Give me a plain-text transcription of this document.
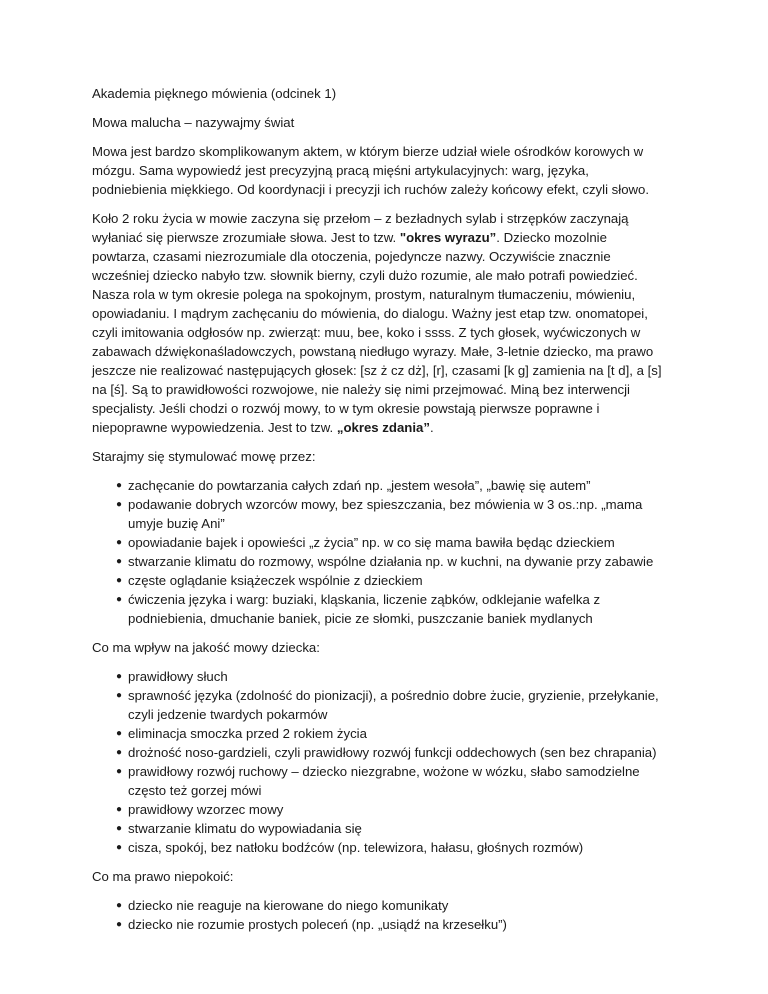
Akademia pięknego mówienia (odcinek 1)

Mowa malucha – nazywajmy świat

Mowa jest bardzo skomplikowanym aktem, w którym bierze udział wiele ośrodków korowych w mózgu. Sama wypowiedź jest precyzyjną pracą mięśni artykulacyjnych: warg, języka, podniebienia miękkiego. Od koordynacji i precyzji ich ruchów zależy końcowy efekt, czyli słowo.

Koło 2 roku życia w mowie zaczyna się przełom – z bezładnych sylab i strzępków zaczynają wyłaniać się pierwsze zrozumiałe słowa. Jest to tzw. "okres wyrazu”. Dziecko mozolnie powtarza, czasami niezrozumiale dla otoczenia, pojedyncze nazwy. Oczywiście znacznie wcześniej dziecko nabyło tzw. słownik bierny, czyli dużo rozumie, ale mało potrafi powiedzieć. Nasza rola w tym okresie polega na spokojnym, prostym, naturalnym tłumaczeniu, mówieniu, opowiadaniu. I mądrym zachęcaniu do mówienia, do dialogu. Ważny jest etap tzw. onomatopei, czyli imitowania odgłosów np. zwierząt: muu, bee, koko i ssss. Z tych głosek, wyćwiczonych w zabawach dźwiękonaśladowczych, powstaną niedługo wyrazy. Małe, 3-letnie dziecko, ma prawo jeszcze nie realizować następujących głosek: [sz ż cz dż], [r], czasami [k g] zamienia na [t d], a [s] na [ś]. Są to prawidłowości rozwojowe, nie należy się nimi przejmować. Miną bez interwencji specjalisty. Jeśli chodzi o rozwój mowy, to w tym okresie powstają pierwsze poprawne i niepoprawne wypowiedzenia. Jest to tzw. „okres zdania”.

Starajmy się stymulować mowę przez:

● zachęcanie do powtarzania całych zdań np. „jestem wesoła”, „bawię się autem”
● podawanie dobrych wzorców mowy, bez spieszczania, bez mówienia w 3 os.:np. „mama umyje buzię Ani”
● opowiadanie bajek i opowieści „z życia” np. w co się mama bawiła będąc dzieckiem
● stwarzanie klimatu do rozmowy, wspólne działania np. w kuchni, na dywanie przy zabawie
● częste oglądanie książeczek wspólnie z dzieckiem
● ćwiczenia języka i warg: buziaki, kląskania, liczenie ząbków, odklejanie wafelka z podniebienia, dmuchanie baniek, picie ze słomki, puszczanie baniek mydlanych

Co ma wpływ na jakość mowy dziecka:

● prawidłowy słuch
● sprawność języka (zdolność do pionizacji), a pośrednio dobre żucie, gryzienie, przełykanie, czyli jedzenie twardych pokarmów
● eliminacja smoczka przed 2 rokiem życia
● drożność noso-gardzieli, czyli prawidłowy rozwój funkcji oddechowych (sen bez chrapania)
● prawidłowy rozwój ruchowy – dziecko niezgrabne, wożone w wózku, słabo samodzielne często też gorzej mówi
● prawidłowy wzorzec mowy
● stwarzanie klimatu do wypowiadania się
● cisza, spokój, bez natłoku bodźców (np. telewizora, hałasu, głośnych rozmów)

Co ma prawo niepokoić:

● dziecko nie reaguje na kierowane do niego komunikaty
● dziecko nie rozumie prostych poleceń (np. „usiądź na krzesełku”)
